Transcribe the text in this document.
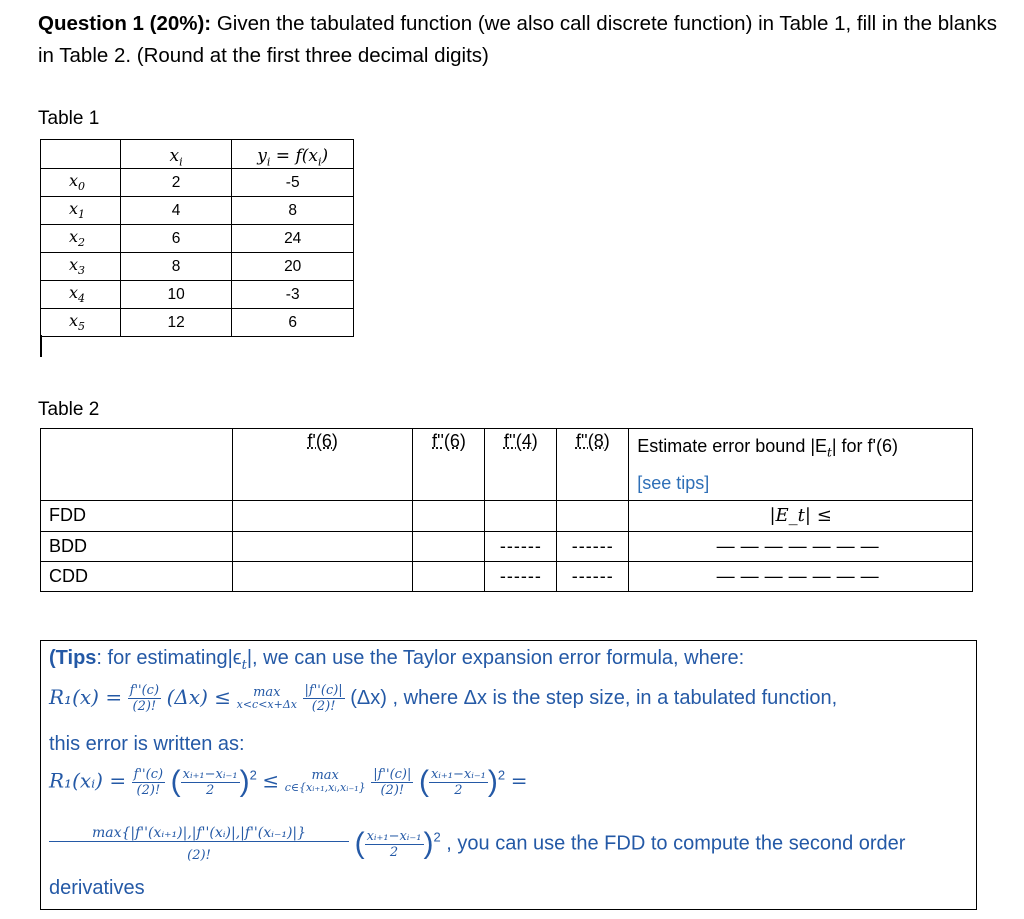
Question 1 (20%): Given the tabulated function (we also call discrete function) in Table 1, fill in the blanks in Table 2. (Round at the first three decimal digits)
Table 1
	$x_i$	$y_i = f(x_i)$
$x_0$	2	-5
$x_1$	4	8
$x_2$	6	24
$x_3$	8	20
$x_4$	10	-3
$x_5$	12	6
Table 2
	f'(6)	f''(6)	f''(4)	f''(8)	Estimate error bound $|E_t|$ for f'(6)
[see tips]
FDD					|E_t| ≤
BDD			------	------	———————
CDD			------	------	———————
(Tips: for $estimating|\epsilon_t|$, we can use the Taylor expansion error formula, where:
$R_1(x) = \frac{f''(c)}{(2)!} (\Delta x)$ ≤	max
x<c<x+Δx
$\frac{|f''(c)|}{(2)!} (\Delta x)$ , where Δx is the step size, in a tabulated function,
this error is written as:
R₁(xᵢ) = $\frac{f''(c)}{(2)!}$ ( $\frac{\text{xᵢ₊₁−xᵢ₋₁}}{2} )^2$ ≤	max
c∈{xᵢ₊₁,xᵢ,xᵢ₋₁}
$\frac{|f''(c)|}{(2)!}$ ( $\frac{\text{xᵢ₊₁−xᵢ₋₁}}{2} )^2$ =
$\frac{\text{max\{|f''(xᵢ₊₁)|,|f''(xᵢ)|,|f''(xᵢ₋₁)|\}}}{(2)!}$ ( $\frac{\text{xᵢ₊₁−xᵢ₋₁}}{2} )^2$ , you can use the FDD to compute the second order
derivatives
